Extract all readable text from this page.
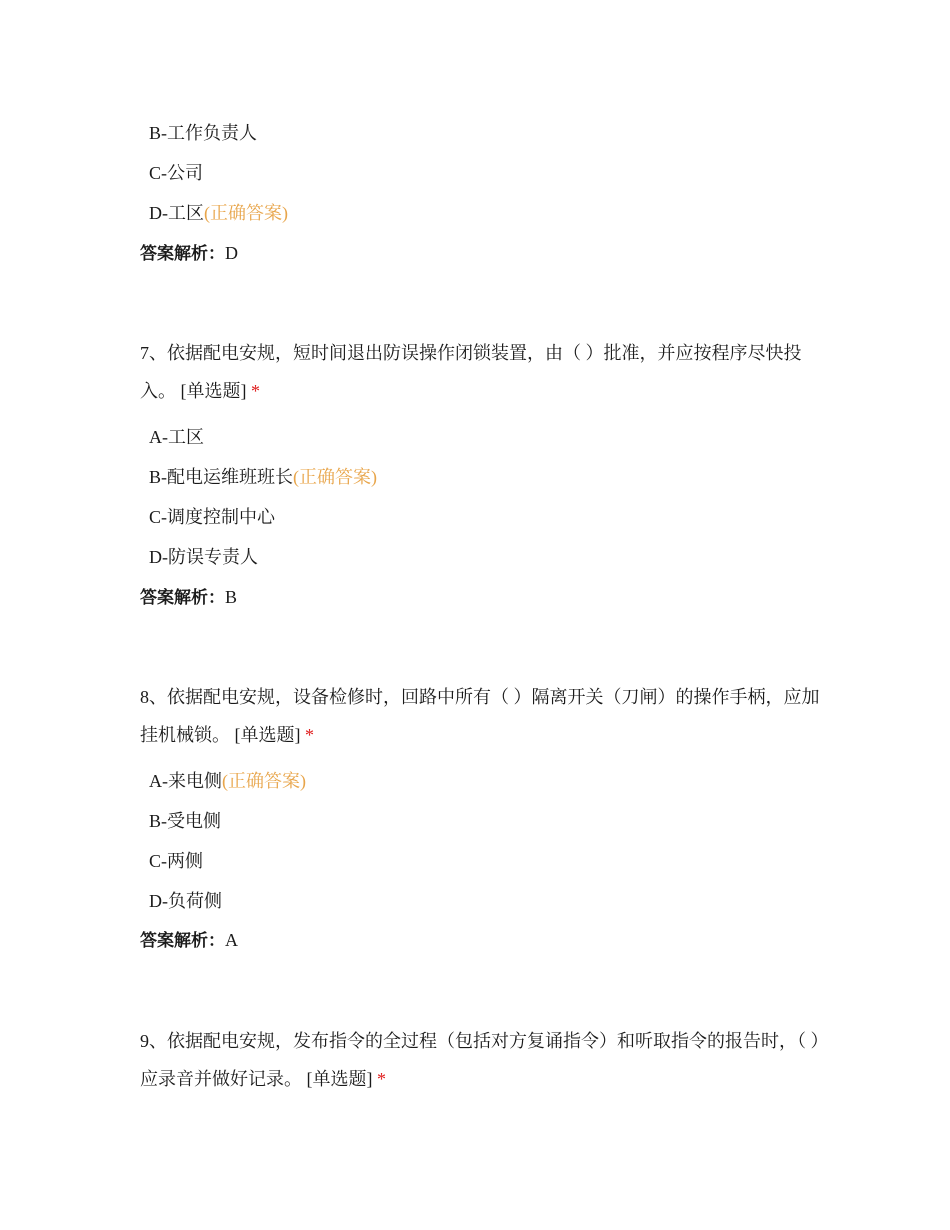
B-工作负责人
C-公司
D-工区(正确答案)
答案解析：D
7、依据配电安规，短时间退出防误操作闭锁装置，由（ ）批准，并应按程序尽快投入。 [单选题] *
A-工区
B-配电运维班班长(正确答案)
C-调度控制中心
D-防误专责人
答案解析：B
8、依据配电安规，设备检修时，回路中所有（ ）隔离开关（刀闸）的操作手柄，应加挂机械锁。 [单选题] *
A-来电侧(正确答案)
B-受电侧
C-两侧
D-负荷侧
答案解析：A
9、依据配电安规，发布指令的全过程（包括对方复诵指令）和听取指令的报告时，（ ）应录音并做好记录。 [单选题] *
